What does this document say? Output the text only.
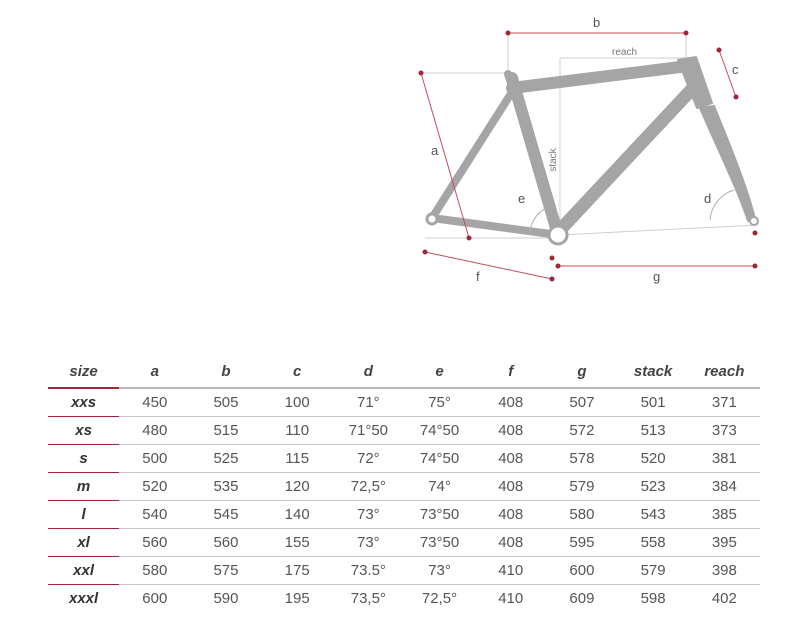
a
b
c
d
e
f	g
reach
stack
size	a	b	c	d	e	f	g	stack	reach
xxs	450	505	100	71°	75°	408	507	501	371
xs	480	515	110	71°50	74°50	408	572	513	373
s	500	525	115	72°	74°50	408	578	520	381
m	520	535	120	72,5°	74°	408	579	523	384
l	540	545	140	73°	73°50	408	580	543	385
xl	560	560	155	73°	73°50	408	595	558	395
xxl	580	575	175	73.5°	73°	410	600	579	398
xxxl	600	590	195	73,5°	72,5°	410	609	598	402
